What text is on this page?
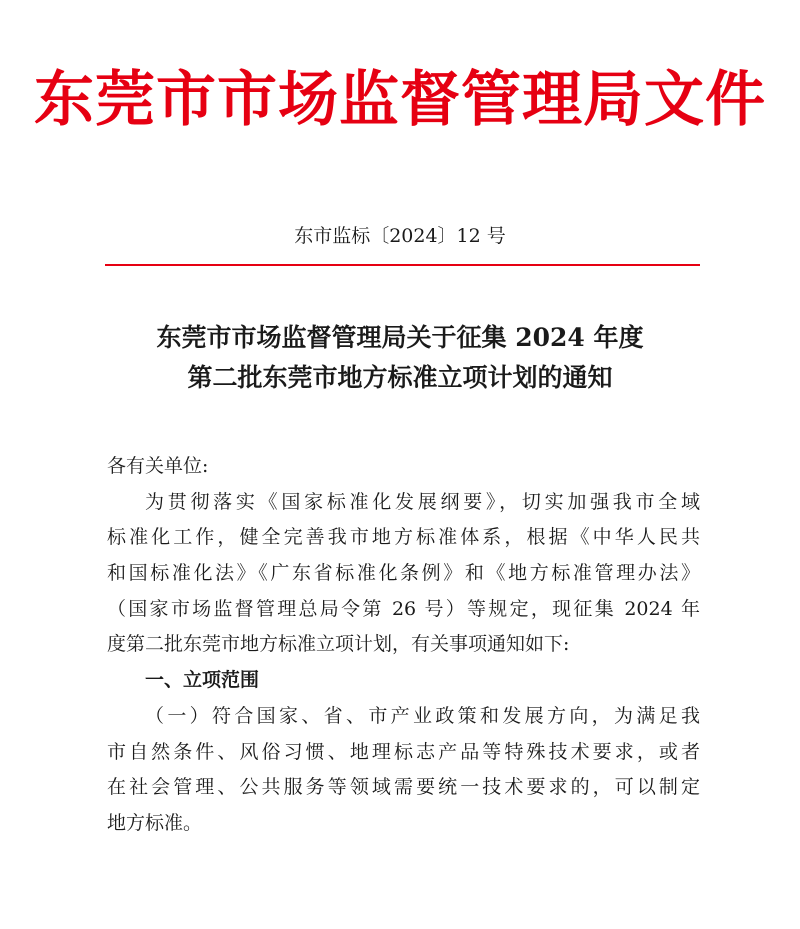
东莞市市场监督管理局文件
东市监标〔2024〕12 号
东莞市市场监督管理局关于征集 2024 年度
第二批东莞市地方标准立项计划的通知
各有关单位:
为贯彻落实《国家标准化发展纲要》，切实加强我市全域
标准化工作，健全完善我市地方标准体系，根据《中华人民共
和国标准化法》《广东省标准化条例》和《地方标准管理办法》
（国家市场监督管理总局令第 26 号）等规定，现征集 2024 年
度第二批东莞市地方标准立项计划，有关事项通知如下:
一、立项范围
（一）符合国家、省、市产业政策和发展方向，为满足我
市自然条件、风俗习惯、地理标志产品等特殊技术要求，或者
在社会管理、公共服务等领域需要统一技术要求的，可以制定
地方标准。
